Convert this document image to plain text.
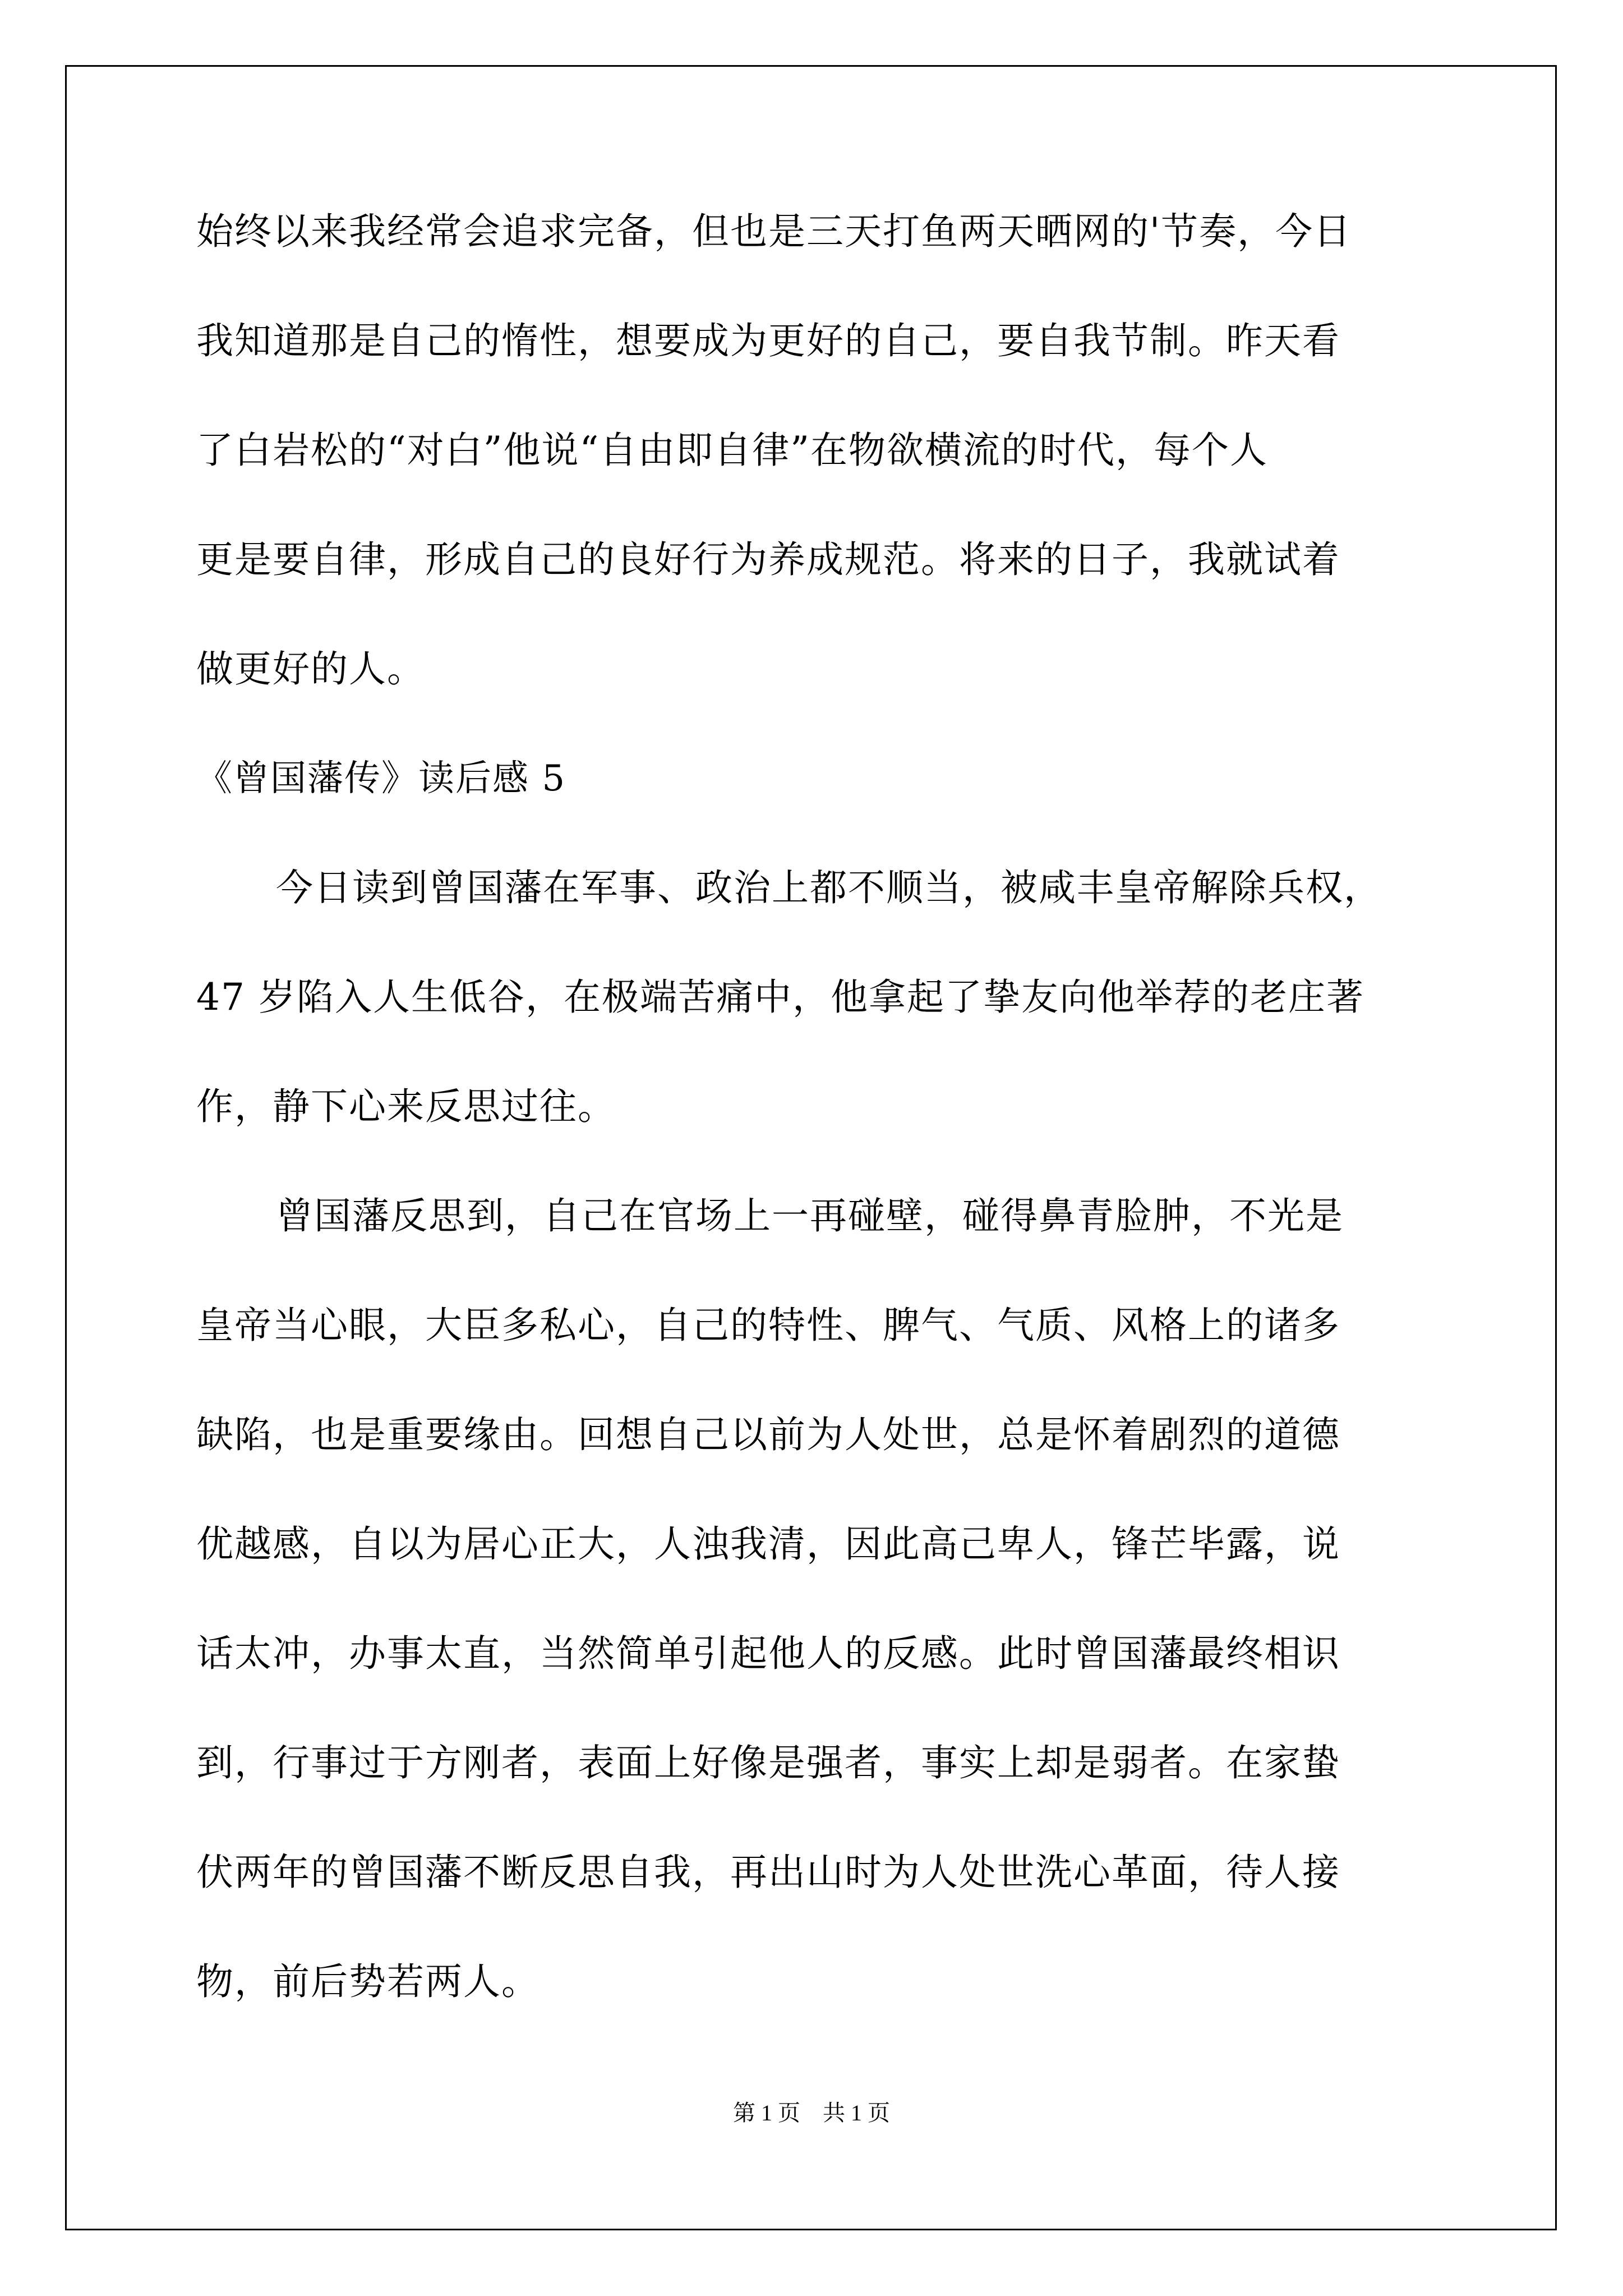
始终以来我经常会追求完备，但也是三天打鱼两天晒网的'节奏，今日
我知道那是自己的惰性，想要成为更好的自己，要自我节制。昨天看
了白岩松的“对白”他说“自由即自律”在物欲横流的时代，每个人
更是要自律，形成自己的良好行为养成规范。将来的日子，我就试着
做更好的人。
《曾国藩传》读后感 5
今日读到曾国藩在军事、政治上都不顺当，被咸丰皇帝解除兵权，
47 岁陷入人生低谷，在极端苦痛中，他拿起了挚友向他举荐的老庄著
作，静下心来反思过往。
曾国藩反思到，自己在官场上一再碰壁，碰得鼻青脸肿，不光是
皇帝当心眼，大臣多私心，自己的特性、脾气、气质、风格上的诸多
缺陷，也是重要缘由。回想自己以前为人处世，总是怀着剧烈的道德
优越感，自以为居心正大，人浊我清，因此高己卑人，锋芒毕露，说
话太冲，办事太直，当然简单引起他人的反感。此时曾国藩最终相识
到，行事过于方刚者，表面上好像是强者，事实上却是弱者。在家蛰
伏两年的曾国藩不断反思自我，再出山时为人处世洗心革面，待人接
物，前后势若两人。
第 1 页　共 1 页
